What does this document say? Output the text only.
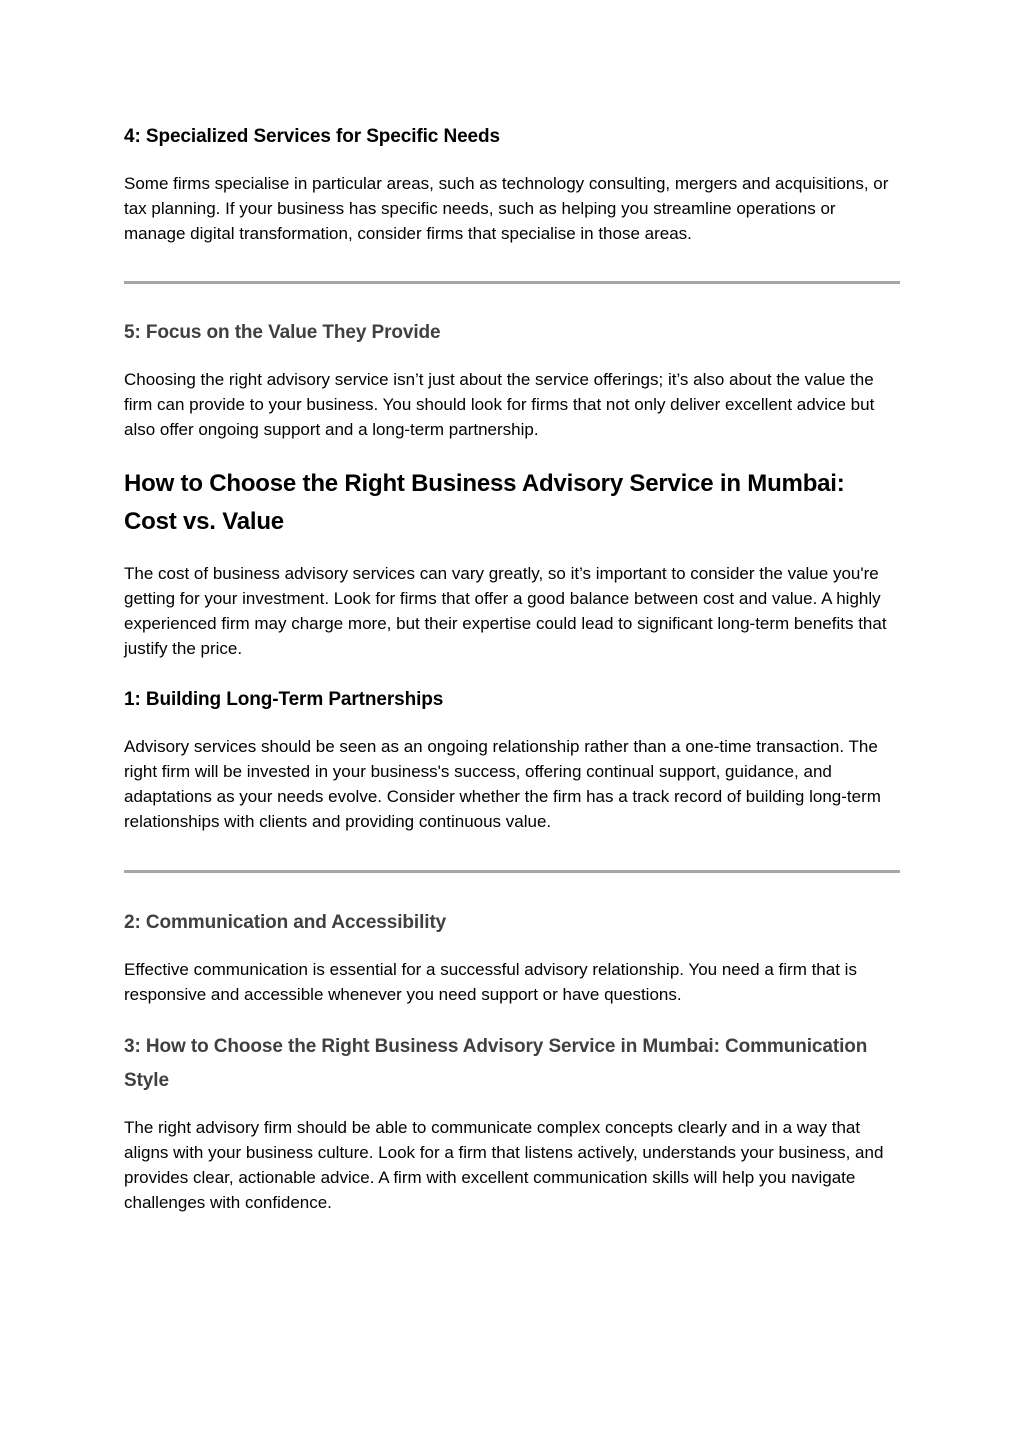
4: Specialized Services for Specific Needs
Some firms specialise in particular areas, such as technology consulting, mergers and acquisitions, or tax planning. If your business has specific needs, such as helping you streamline operations or manage digital transformation, consider firms that specialise in those areas.
5: Focus on the Value They Provide
Choosing the right advisory service isn’t just about the service offerings; it’s also about the value the firm can provide to your business. You should look for firms that not only deliver excellent advice but also offer ongoing support and a long-term partnership.
How to Choose the Right Business Advisory Service in Mumbai: Cost vs. Value
The cost of business advisory services can vary greatly, so it’s important to consider the value you're getting for your investment. Look for firms that offer a good balance between cost and value. A highly experienced firm may charge more, but their expertise could lead to significant long-term benefits that justify the price.
1: Building Long-Term Partnerships
Advisory services should be seen as an ongoing relationship rather than a one-time transaction. The right firm will be invested in your business's success, offering continual support, guidance, and adaptations as your needs evolve. Consider whether the firm has a track record of building long-term relationships with clients and providing continuous value.
2: Communication and Accessibility
Effective communication is essential for a successful advisory relationship. You need a firm that is responsive and accessible whenever you need support or have questions.
3: How to Choose the Right Business Advisory Service in Mumbai: Communication Style
The right advisory firm should be able to communicate complex concepts clearly and in a way that aligns with your business culture. Look for a firm that listens actively, understands your business, and provides clear, actionable advice. A firm with excellent communication skills will help you navigate challenges with confidence.
